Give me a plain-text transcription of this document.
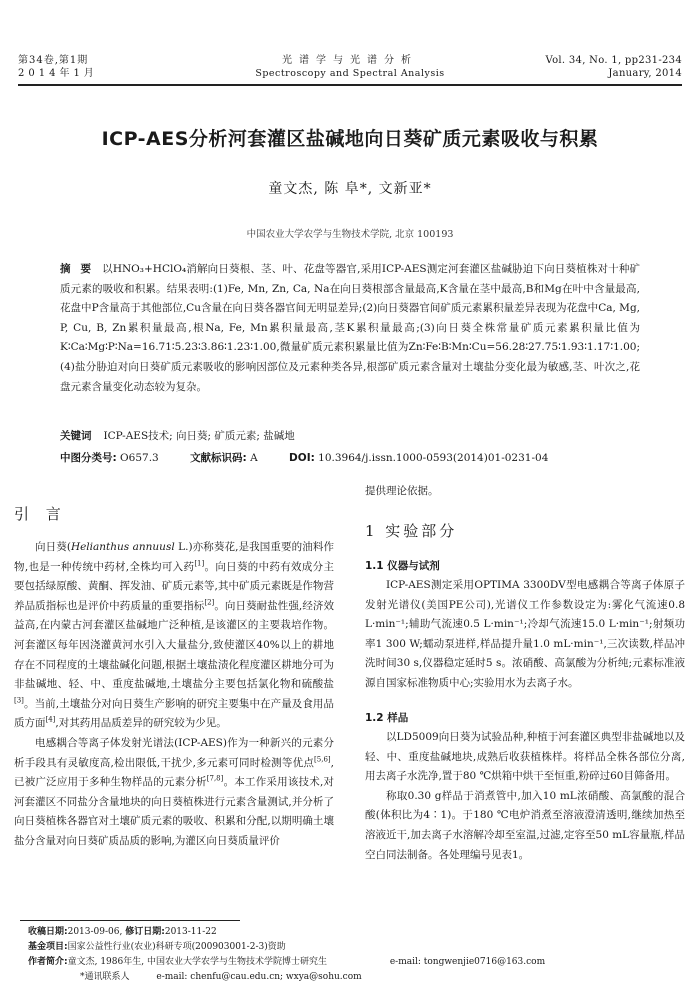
第34卷,第1期
2014年1月
光谱学与光谱分析
Spectroscopy and Spectral Analysis
Vol. 34, No. 1, pp231-234
January, 2014
ICP-AES分析河套灌区盐碱地向日葵矿质元素吸收与积累
童文杰, 陈 阜*, 文新亚*
中国农业大学农学与生物技术学院, 北京 100193
摘 要 以HNO₃+HClO₄消解向日葵根、茎、叶、花盘等器官,采用ICP-AES测定河套灌区盐碱胁迫下向日葵植株对十种矿质元素的吸收和积累。结果表明:(1)Fe, Mn, Zn, Ca, Na在向日葵根部含量最高,K含量在茎中最高,B和Mg在叶中含量最高,花盘中P含量高于其他部位,Cu含量在向日葵各器官间无明显差异;(2)向日葵器官间矿质元素累积量差异表现为花盘中Ca, Mg, P, Cu, B, Zn累积量最高,根Na, Fe, Mn累积量最高,茎K累积量最高;(3)向日葵全株常量矿质元素累积量比值为K∶Ca∶Mg∶P∶Na=16.71∶5.23∶3.86∶1.23∶1.00,微量矿质元素积累量比值为Zn∶Fe∶B∶Mn∶Cu=56.28∶27.75∶1.93∶1.17∶1.00;(4)盐分胁迫对向日葵矿质元素吸收的影响因部位及元素种类各异,根部矿质元素含量对土壤盐分变化最为敏感,茎、叶次之,花盘元素含量变化动态较为复杂。
关键词 ICP-AES技术; 向日葵; 矿质元素; 盐碱地
中图分类号: O657.3	文献标识码: A	DOI: 10.3964/j.issn.1000-0593(2014)01-0231-04
引 言

向日葵(Helianthus annuusl L.)亦称葵花,是我国重要的油料作物,也是一种传统中药材,全株均可入药[1]。向日葵的中药有效成分主要包括绿原酸、黄酮、挥发油、矿质元素等,其中矿质元素既是作物营养品质指标也是评价中药质量的重要指标[2]。向日葵耐盐性强,经济效益高,在内蒙古河套灌区盐碱地广泛种植,是该灌区的主要栽培作物。河套灌区每年因浇灌黄河水引入大量盐分,致使灌区40%以上的耕地存在不同程度的土壤盐碱化问题,根据土壤盐渍化程度灌区耕地分可为非盐碱地、轻、中、重度盐碱地,土壤盐分主要包括氯化物和硫酸盐[3]。当前,土壤盐分对向日葵生产影响的研究主要集中在产量及食用品质方面[4],对其药用品质差异的研究较为少见。

电感耦合等离子体发射光谱法(ICP-AES)作为一种新兴的元素分析手段具有灵敏度高,检出限低,干扰少,多元素可同时检测等优点[5,6],已被广泛应用于多种生物样品的元素分析[7,8]。本工作采用该技术,对河套灌区不同盐分含量地块的向日葵植株进行元素含量测试,并分析了向日葵植株各器官对土壤矿质元素的吸收、积累和分配,以期明确土壤盐分含量对向日葵矿质品质的影响,为灌区向日葵质量评价

提供理论依据。
1 实验部分
1.1 仪器与试剂

ICP-AES测定采用OPTIMA 3300DV型电感耦合等离子体原子发射光谱仪(美国PE公司),光谱仪工作参数设定为:雾化气流速0.8 L·min⁻¹;辅助气流速0.5 L·min⁻¹;冷却气流速15.0 L·min⁻¹;射频功率1 300 W;蠕动泵进样,样品提升量1.0 mL·min⁻¹,三次读数,样品冲洗时间30 s,仪器稳定延时5 s。浓硝酸、高氯酸为分析纯;元素标准液源自国家标准物质中心;实验用水为去离子水。

1.2 样品

以LD5009向日葵为试验品种,种植于河套灌区典型非盐碱地以及轻、中、重度盐碱地块,成熟后收获植株样。将样品全株各部位分离,用去离子水洗净,置于80 ℃烘箱中烘干至恒重,粉碎过60目筛备用。

称取0.30 g样品于消煮管中,加入10 mL浓硝酸、高氯酸的混合酸(体积比为4∶1)。于180 ℃电炉消煮至溶液澄清透明,继续加热至溶液近干,加去离子水溶解冷却至室温,过滤,定容至50 mL容量瓶,样品空白同法制备。各处理编号见表1。

收稿日期:2013-09-06, 修订日期:2013-11-22
基金项目:国家公益性行业(农业)科研专项(200903001-2-3)资助
作者简介:童文杰, 1986年生, 中国农业大学农学与生物技术学院博士研究生	e-mail: tongwenjie0716@163.com
*通讯联系人	e-mail: chenfu@cau.edu.cn; wxya@sohu.com
